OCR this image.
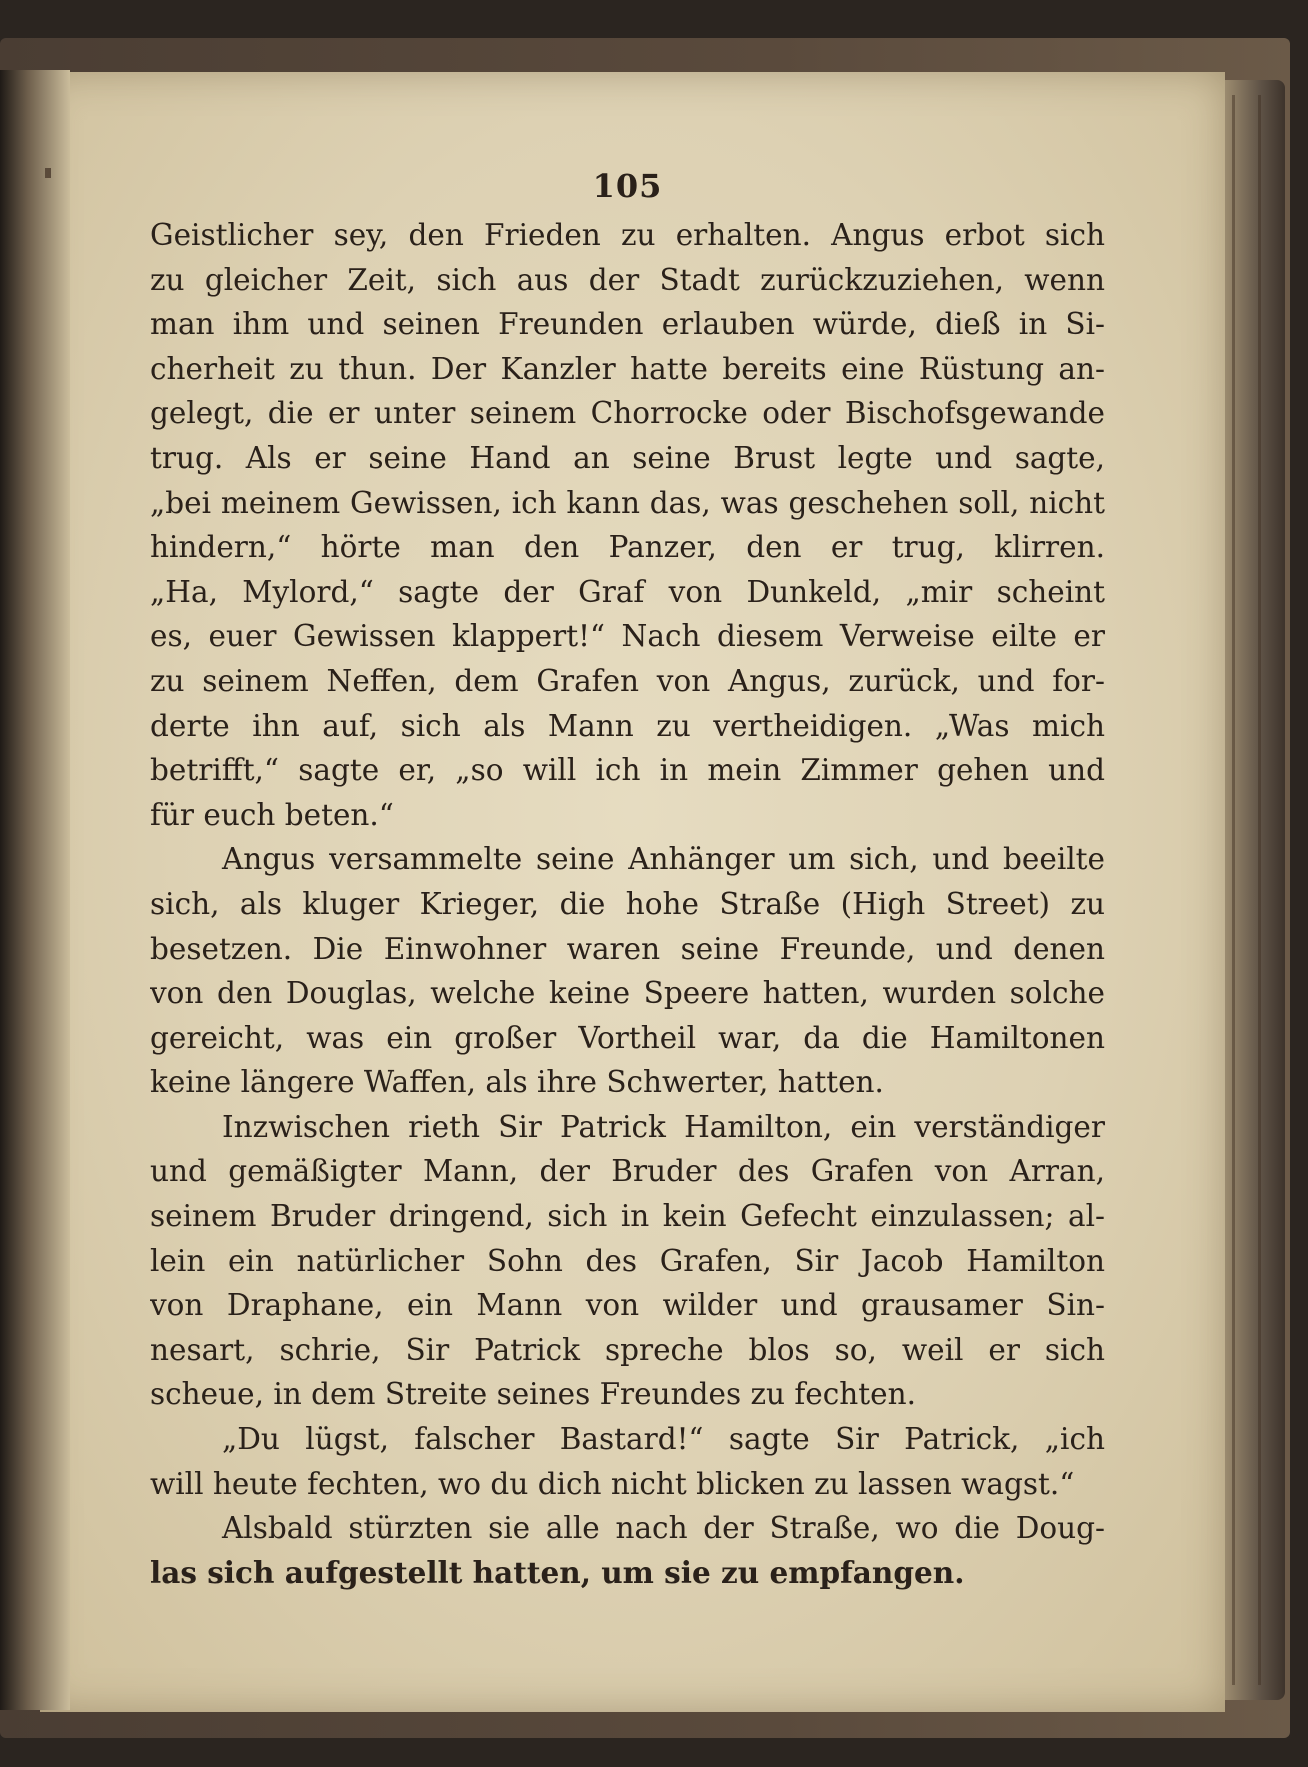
105
Geistlicher sey, den Frieden zu erhalten. Angus erbot sich
zu gleicher Zeit, sich aus der Stadt zurückzuziehen, wenn
man ihm und seinen Freunden erlauben würde, dieß in Si-
cherheit zu thun. Der Kanzler hatte bereits eine Rüstung an-
gelegt, die er unter seinem Chorrocke oder Bischofsgewande
trug. Als er seine Hand an seine Brust legte und sagte,
„bei meinem Gewissen, ich kann das, was geschehen soll, nicht
hindern,“ hörte man den Panzer, den er trug, klirren.
„Ha, Mylord,“ sagte der Graf von Dunkeld, „mir scheint
es, euer Gewissen klappert!“ Nach diesem Verweise eilte er
zu seinem Neffen, dem Grafen von Angus, zurück, und for-
derte ihn auf, sich als Mann zu vertheidigen. „Was mich
betrifft,“ sagte er, „so will ich in mein Zimmer gehen und
für euch beten.“
Angus versammelte seine Anhänger um sich, und beeilte
sich, als kluger Krieger, die hohe Straße (High Street) zu
besetzen. Die Einwohner waren seine Freunde, und denen
von den Douglas, welche keine Speere hatten, wurden solche
gereicht, was ein großer Vortheil war, da die Hamiltonen
keine längere Waffen, als ihre Schwerter, hatten.
Inzwischen rieth Sir Patrick Hamilton, ein verständiger
und gemäßigter Mann, der Bruder des Grafen von Arran,
seinem Bruder dringend, sich in kein Gefecht einzulassen; al-
lein ein natürlicher Sohn des Grafen, Sir Jacob Hamilton
von Draphane, ein Mann von wilder und grausamer Sin-
nesart, schrie, Sir Patrick spreche blos so, weil er sich
scheue, in dem Streite seines Freundes zu fechten.
„Du lügst, falscher Bastard!“ sagte Sir Patrick, „ich
will heute fechten, wo du dich nicht blicken zu lassen wagst.“
Alsbald stürzten sie alle nach der Straße, wo die Doug-
las sich aufgestellt hatten, um sie zu empfangen.
